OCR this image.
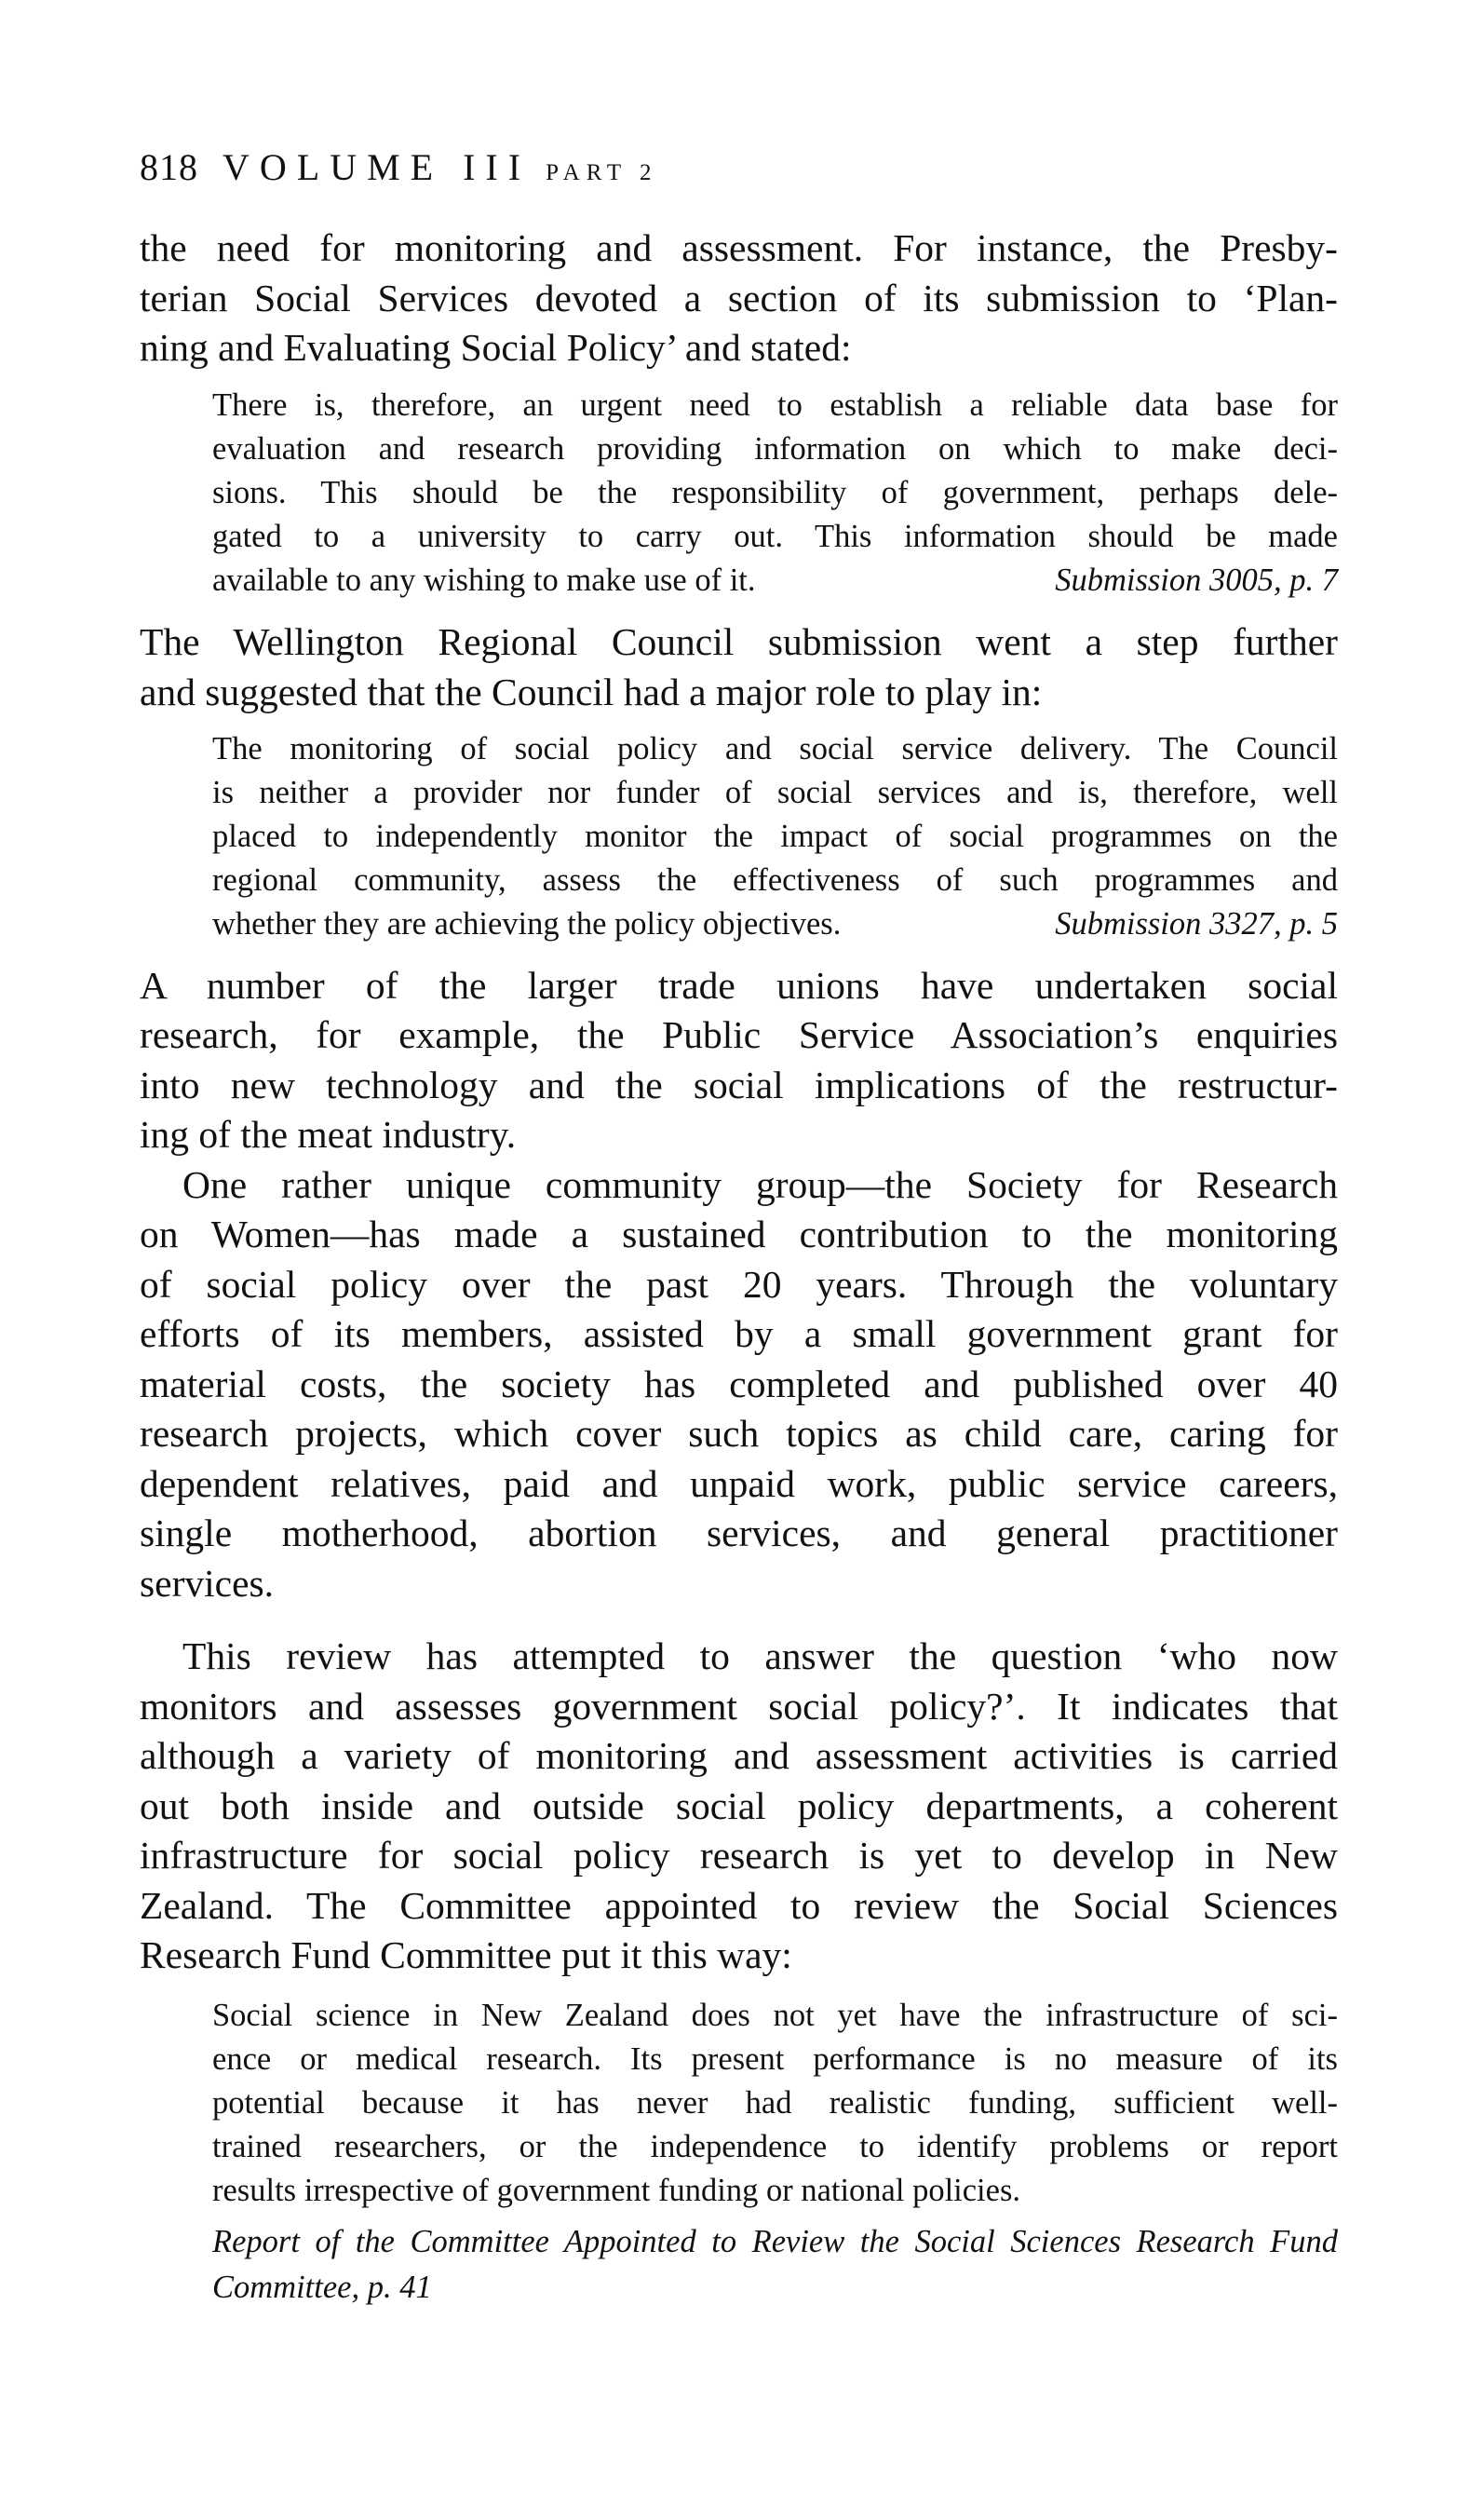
818 VOLUME III PART 2
the need for monitoring and assessment. For instance, the Presby-
terian Social Services devoted a section of its submission to ‘Plan-
ning and Evaluating Social Policy’ and stated:
There is, therefore, an urgent need to establish a reliable data base for
evaluation and research providing information on which to make deci-
sions. This should be the responsibility of government, perhaps dele-
gated to a university to carry out. This information should be made
available to any wishing to make use of it.	Submission 3005, p. 7
The Wellington Regional Council submission went a step further
and suggested that the Council had a major role to play in:
The monitoring of social policy and social service delivery. The Council
is neither a provider nor funder of social services and is, therefore, well
placed to independently monitor the impact of social programmes on the
regional community, assess the effectiveness of such programmes and
whether they are achieving the policy objectives.	Submission 3327, p. 5
A number of the larger trade unions have undertaken social
research, for example, the Public Service Association’s enquiries
into new technology and the social implications of the restructur-
ing of the meat industry.
One rather unique community group—the Society for Research
on Women—has made a sustained contribution to the monitoring
of social policy over the past 20 years. Through the voluntary
efforts of its members, assisted by a small government grant for
material costs, the society has completed and published over 40
research projects, which cover such topics as child care, caring for
dependent relatives, paid and unpaid work, public service careers,
single motherhood, abortion services, and general practitioner
services.
This review has attempted to answer the question ‘who now
monitors and assesses government social policy?’. It indicates that
although a variety of monitoring and assessment activities is carried
out both inside and outside social policy departments, a coherent
infrastructure for social policy research is yet to develop in New
Zealand. The Committee appointed to review the Social Sciences
Research Fund Committee put it this way:
Social science in New Zealand does not yet have the infrastructure of sci-
ence or medical research. Its present performance is no measure of its
potential because it has never had realistic funding, sufficient well-
trained researchers, or the independence to identify problems or report
results irrespective of government funding or national policies.
Report of the Committee Appointed to Review the Social Sciences Research Fund
Committee, p. 41
